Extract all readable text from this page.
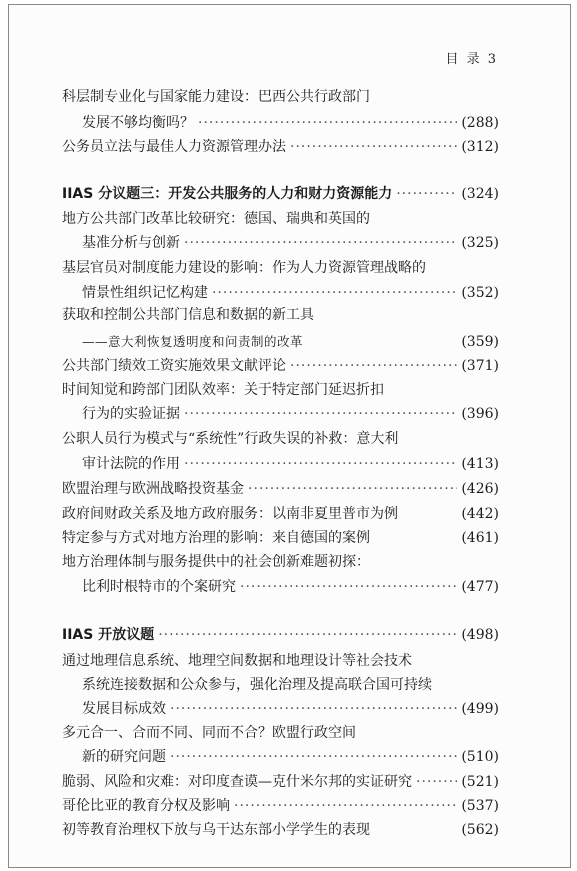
目 录 3
科层制专业化与国家能力建设：巴西公共行政部门
发展不够均衡吗？ ·····	(288)
公务员立法与最佳人力资源管理办法 ·····	(312)
IIAS 分议题三：开发公共服务的人力和财力资源能力 ·····	(324)
地方公共部门改革比较研究：德国、瑞典和英国的
基准分析与创新 ·····	(325)
基层官员对制度能力建设的影响：作为人力资源管理战略的
情景性组织记忆构建 ·····	(352)
获取和控制公共部门信息和数据的新工具
——意大利恢复透明度和问责制的改革	(359)
公共部门绩效工资实施效果文献评论 ·····	(371)
时间知觉和跨部门团队效率：关于特定部门延迟折扣
行为的实验证据 ·····	(396)
公职人员行为模式与“系统性”行政失误的补救：意大利
审计法院的作用 ·····	(413)
欧盟治理与欧洲战略投资基金 ·····	(426)
政府间财政关系及地方政府服务：以南非夏里普市为例	(442)
特定参与方式对地方治理的影响：来自德国的案例	(461)
地方治理体制与服务提供中的社会创新难题初探：
比利时根特市的个案研究 ·····	(477)
IIAS 开放议题 ·····	(498)
通过地理信息系统、地理空间数据和地理设计等社会技术
系统连接数据和公众参与，强化治理及提高联合国可持续
发展目标成效 ·····	(499)
多元合一、合而不同、同而不合？欧盟行政空间
新的研究问题 ·····	(510)
脆弱、风险和灾难：对印度查谟—克什米尔邦的实证研究 ·····	(521)
哥伦比亚的教育分权及影响 ·····	(537)
初等教育治理权下放与乌干达东部小学学生的表现	(562)
